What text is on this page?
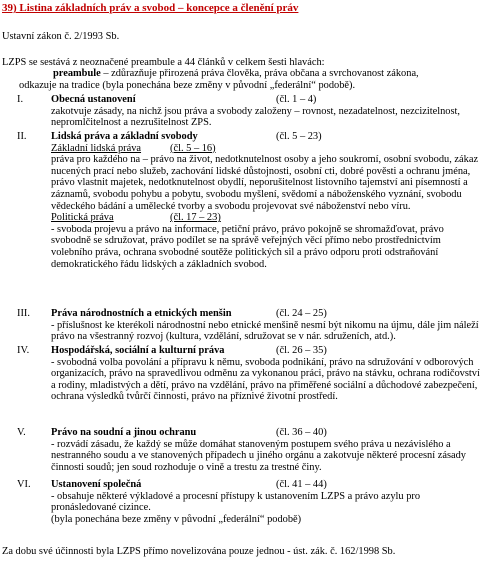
39) Listina základních práv a svobod – koncepce a členění práv
Ustavní zákon č. 2/1993 Sb.
LZPS se sestává z neoznačené preambule a 44 článků v celkem šesti hlavách:
preambule – zdůrazňuje přirozená práva člověka, práva občana a svrchovanost zákona,
odkazuje na tradice (byla ponechána beze změny v původní „federální“ podobě).
I.	Obecná ustanovení	(čl. 1 – 4)
zakotvuje zásady, na nichž jsou práva a svobody založeny – rovnost, nezadatelnost, nezcizitelnost, nepromlčitelnost a nezrušitelnost ZPS.
II. Lidská práva a základní svobody	(čl. 5 – 23)
Základní lidská práva	(čl. 5 – 16)
práva pro každého na – právo na život, nedotknutelnost osoby a jeho soukromí, osobní svobodu, zákaz nucených prací nebo služeb, zachování lidské důstojnosti, osobní cti, dobré pověsti a ochranu jména, právo vlastnit majetek, nedotknutelnost obydlí, neporušitelnost listovního tajemství ani písemností a záznamů, svobodu pohybu a pobytu, svobodu myšlení, svědomí a náboženského vyznání, svobodu vědeckého bádání a umělecké tvorby a svobodu projevovat své náboženství nebo víru.
Politická práva	(čl. 17 – 23)
- svoboda projevu a právo na informace, petiční právo, právo pokojně se shromažďovat, právo svobodně se sdružovat, právo podílet se na správě veřejných věcí přímo nebo prostřednictvím volebního práva, ochrana svobodné soutěže politických sil a právo odporu proti odstraňování demokratického řádu lidských a základních svobod.
III. Práva národnostních a etnických menšin	(čl. 24 – 25)
- příslušnost ke kterékoli národnostní nebo etnické menšině nesmí být nikomu na újmu, dále jim náleží právo na všestranný rozvoj (kultura, vzdělání, sdružovat se v nár. sdruženích, atd.).
IV. Hospodářská, sociální a kulturní práva	(čl. 26 – 35)
- svobodná volba povolání a přípravu k němu, svoboda podnikání, právo na sdružování v odborových organizacích, právo na spravedlivou odměnu za vykonanou práci, právo na stávku, ochrana rodičovství a rodiny, mladistvých a dětí, právo na vzdělání, právo na přiměřené sociální a důchodové zabezpečení, ochrana výsledků tvůrčí činnosti, právo na příznivé životní prostředí.
V. Právo na soudní a jinou ochranu	(čl. 36 – 40)
- rozvádí zásadu, že každý se může domáhat stanoveným postupem svého práva u nezávislého a nestranného soudu a ve stanovených případech u jiného orgánu a zakotvuje některé procesní zásady činnosti soudů; jen soud rozhoduje o vině a trestu za trestné činy.
VI. Ustanovení společná	(čl. 41 – 44)
- obsahuje některé výkladové a procesní přístupy k ustanovením LZPS a právo azylu pro pronásledované cizince.
(byla ponechána beze změny v původní „federální“ podobě)
Za dobu své účinnosti byla LZPS přímo novelizována pouze jednou - úst. zák. č. 162/1998 Sb.
